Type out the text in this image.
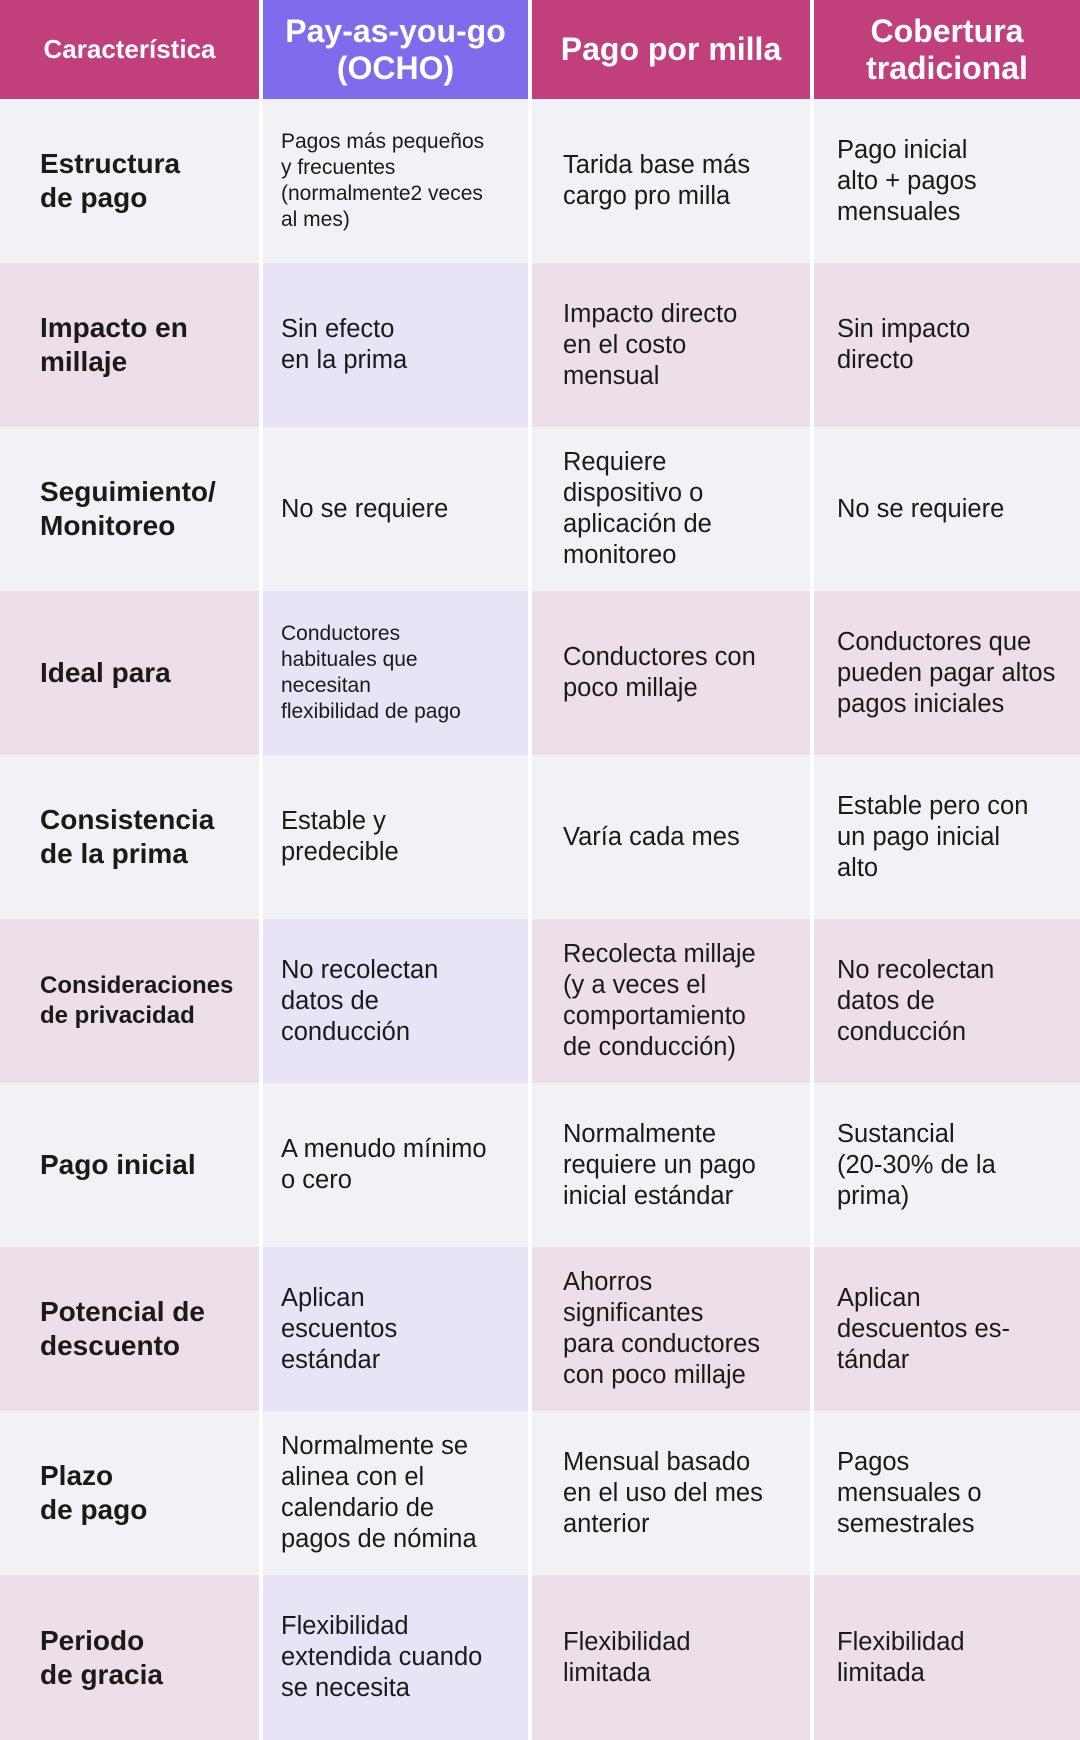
Característica
Pay-as-you-go
(OCHO)
Pago por milla
Cobertura
tradicional
Estructura
de pago
Pagos más pequeños
y frecuentes
(normalmente2 veces
al mes)
Tarida base más
cargo pro milla
Pago inicial
alto + pagos
mensuales
Impacto en
millaje
Sin efecto
en la prima
Impacto directo
en el costo
mensual
Sin impacto
directo
Seguimiento/
Monitoreo
No se requiere
Requiere
dispositivo o
aplicación de
monitoreo
No se requiere
Ideal para
Conductores
habituales que
necesitan
flexibilidad de pago
Conductores con
poco millaje
Conductores que
pueden pagar altos
pagos iniciales
Consistencia
de la prima
Estable y
predecible
Varía cada mes
Estable pero con
un pago inicial
alto
Consideraciones
de privacidad
No recolectan
datos de
conducción
Recolecta millaje
(y a veces el
comportamiento
de conducción)
No recolectan
datos de
conducción
Pago inicial	A menudo mínimo
o cero
Normalmente
requiere un pago
inicial estándar
Sustancial
(20-30% de la
prima)
Potencial de
descuento
Aplican
escuentos
estándar
Ahorros
significantes
para conductores
con poco millaje
Aplican
descuentos es-
tándar
Plazo
de pago
Normalmente se
alinea con el
calendario de
pagos de nómina
Mensual basado
en el uso del mes
anterior
Pagos
mensuales o
semestrales
Periodo
de gracia
Flexibilidad
extendida cuando
se necesita
Flexibilidad
limitada
Flexibilidad
limitada
